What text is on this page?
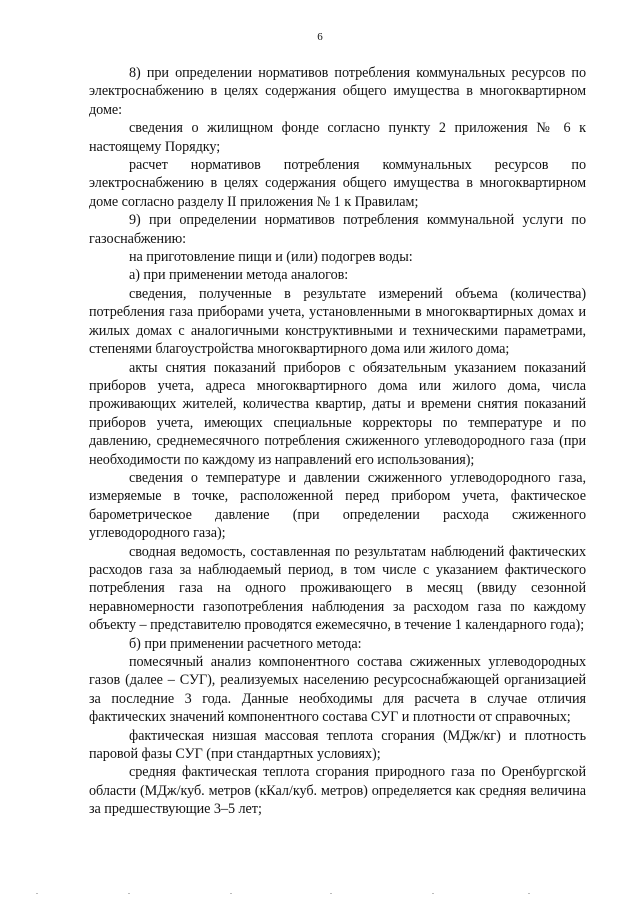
6

8) при определении нормативов потребления коммунальных ресурсов по электроснабжению в целях содержания общего имущества в многоквартирном доме:

сведения о жилищном фонде согласно пункту 2 приложения № 6 к настоящему Порядку;

расчет нормативов потребления коммунальных ресурсов по электроснабжению в целях содержания общего имущества в многоквартирном доме согласно разделу II приложения № 1 к Правилам;

9) при определении нормативов потребления коммунальной услуги по газоснабжению:

на приготовление пищи и (или) подогрев воды:

а) при применении метода аналогов:

сведения, полученные в результате измерений объема (количества) потребления газа приборами учета, установленными в многоквартирных домах и жилых домах с аналогичными конструктивными и техническими параметрами, степенями благоустройства многоквартирного дома или жилого дома;

акты снятия показаний приборов с обязательным указанием показаний приборов учета, адреса многоквартирного дома или жилого дома, числа проживающих жителей, количества квартир, даты и времени снятия показаний приборов учета, имеющих специальные корректоры по температуре и по давлению, среднемесячного потребления сжиженного углеводородного газа (при необходимости по каждому из направлений его использования);

сведения о температуре и давлении сжиженного углеводородного газа, измеряемые в точке, расположенной перед прибором учета, фактическое барометрическое давление (при определении расхода сжиженного углеводородного газа);

сводная ведомость, составленная по результатам наблюдений фактических расходов газа за наблюдаемый период, в том числе с указанием фактического потребления газа на одного проживающего в месяц (ввиду сезонной неравномерности газопотребления наблюдения за расходом газа по каждому объекту – представителю проводятся ежемесячно, в течение 1 календарного года);

б) при применении расчетного метода:

помесячный анализ компонентного состава сжиженных углеводородных газов (далее – СУГ), реализуемых населению ресурсоснабжающей организацией за последние 3 года. Данные необходимы для расчета в случае отличия фактических значений компонентного состава СУГ и плотности от справочных;

фактическая низшая массовая теплота сгорания (МДж/кг) и плотность паровой фазы СУГ (при стандартных условиях);

средняя фактическая теплота сгорания природного газа по Оренбургской области (МДж/куб. метров (кКал/куб. метров) определяется как средняя величина за предшествующие 3–5 лет;
